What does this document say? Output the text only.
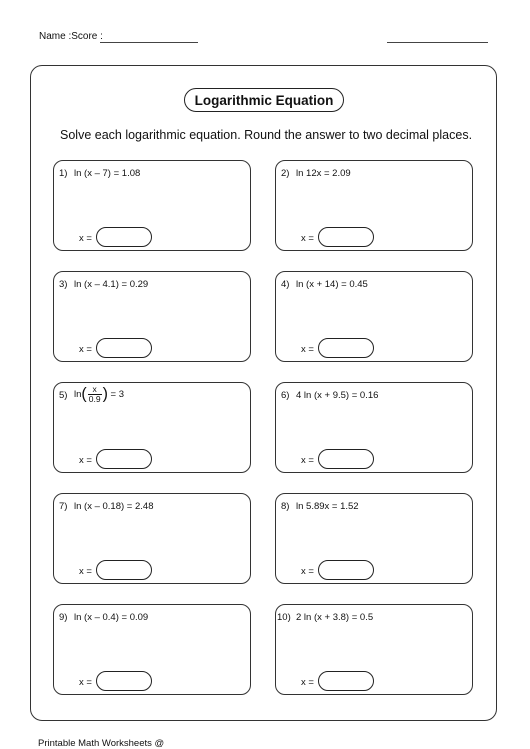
Name :Score :
Logarithmic Equation
Solve each logarithmic equation. Round the answer to two decimal places.
1) ln (x – 7) = 1.08
x =
2) ln 12x = 2.09
x =
3) ln (x – 4.1) = 0.29
x =
4) ln (x + 14) = 0.45
x =
5) $\ln( \frac{x}{0.9}$ ) = 3
x =
6) 4 ln (x + 9.5) = 0.16
x =
7) ln (x – 0.18) = 2.48
x =
8) ln 5.89x = 1.52
x =
9) ln (x – 0.4) = 0.09
x =
10) 2 ln (x + 3.8) = 0.5
x =
Printable Math Worksheets @
